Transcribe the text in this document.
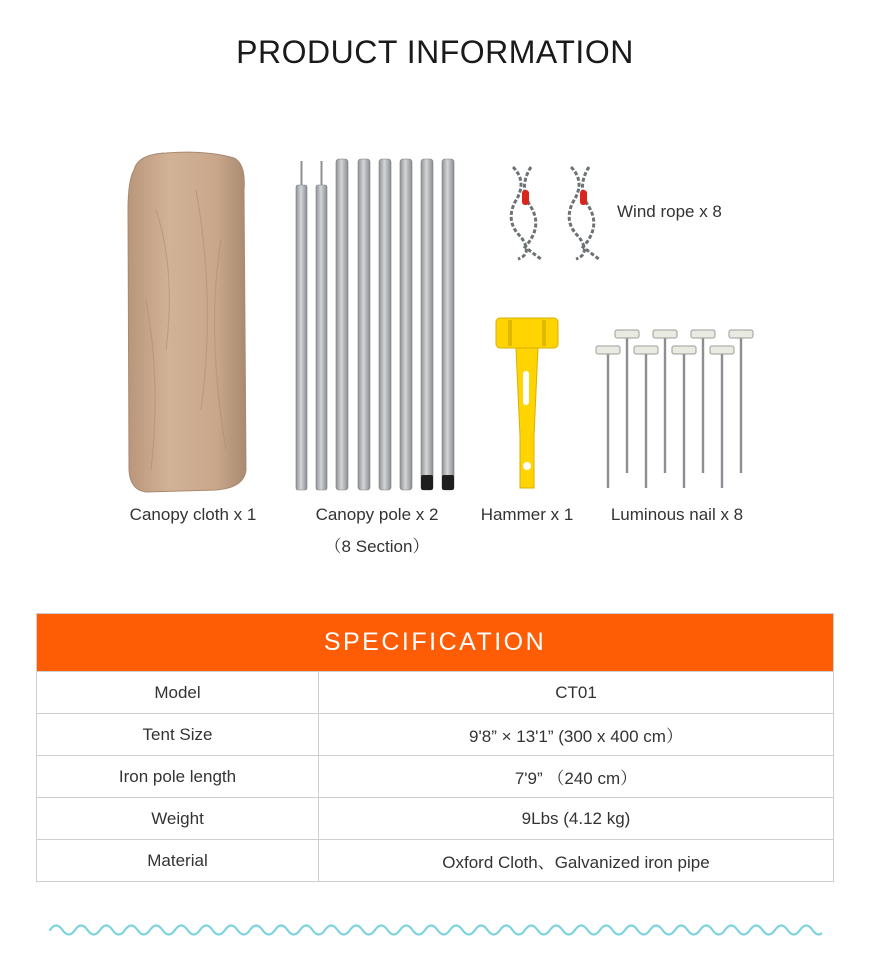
PRODUCT INFORMATION
Canopy cloth x 1	Canopy pole x 2
（8 Section）
Wind rope x 8
Hammer x 1	Luminous nail x 8
SPECIFICATION
Model	CT01
Tent Size	9'8” × 13'1” (300 x 400 cm）
Iron pole length	7'9” （240 cm）
Weight	9Lbs (4.12 kg)
Material	Oxford Cloth、Galvanized iron pipe
